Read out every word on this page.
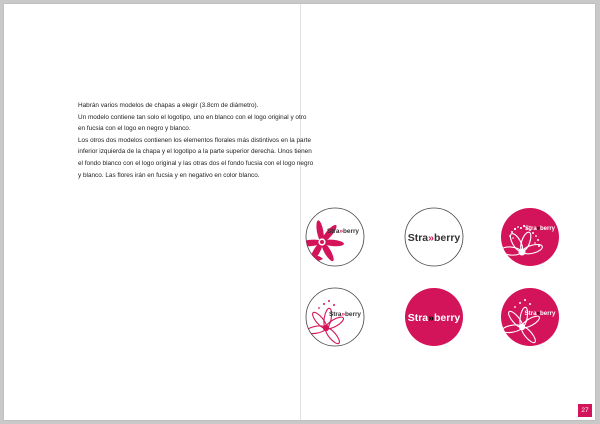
Habrán varios modelos de chapas a elegir (3.8cm de diámetro).

Un modelo contiene tan solo el logotipo, uno en blanco con el logo original y otro en fucsia con el logo en negro y blanco.

Los otros dos modelos contienen los elementos florales más distintivos en la parte inferior izquierda de la chapa y el logotipo a la parte superior derecha. Unos tienen el fondo blanco con el logo original y las otras dos el fondo fucsia con el logo negro y blanco. Las flores irán en fucsia y en negativo en color blanco.

Stra»berry
Stra»berry
Stra»berry
Stra»berry	Stra»berry	Stra»berry
27
